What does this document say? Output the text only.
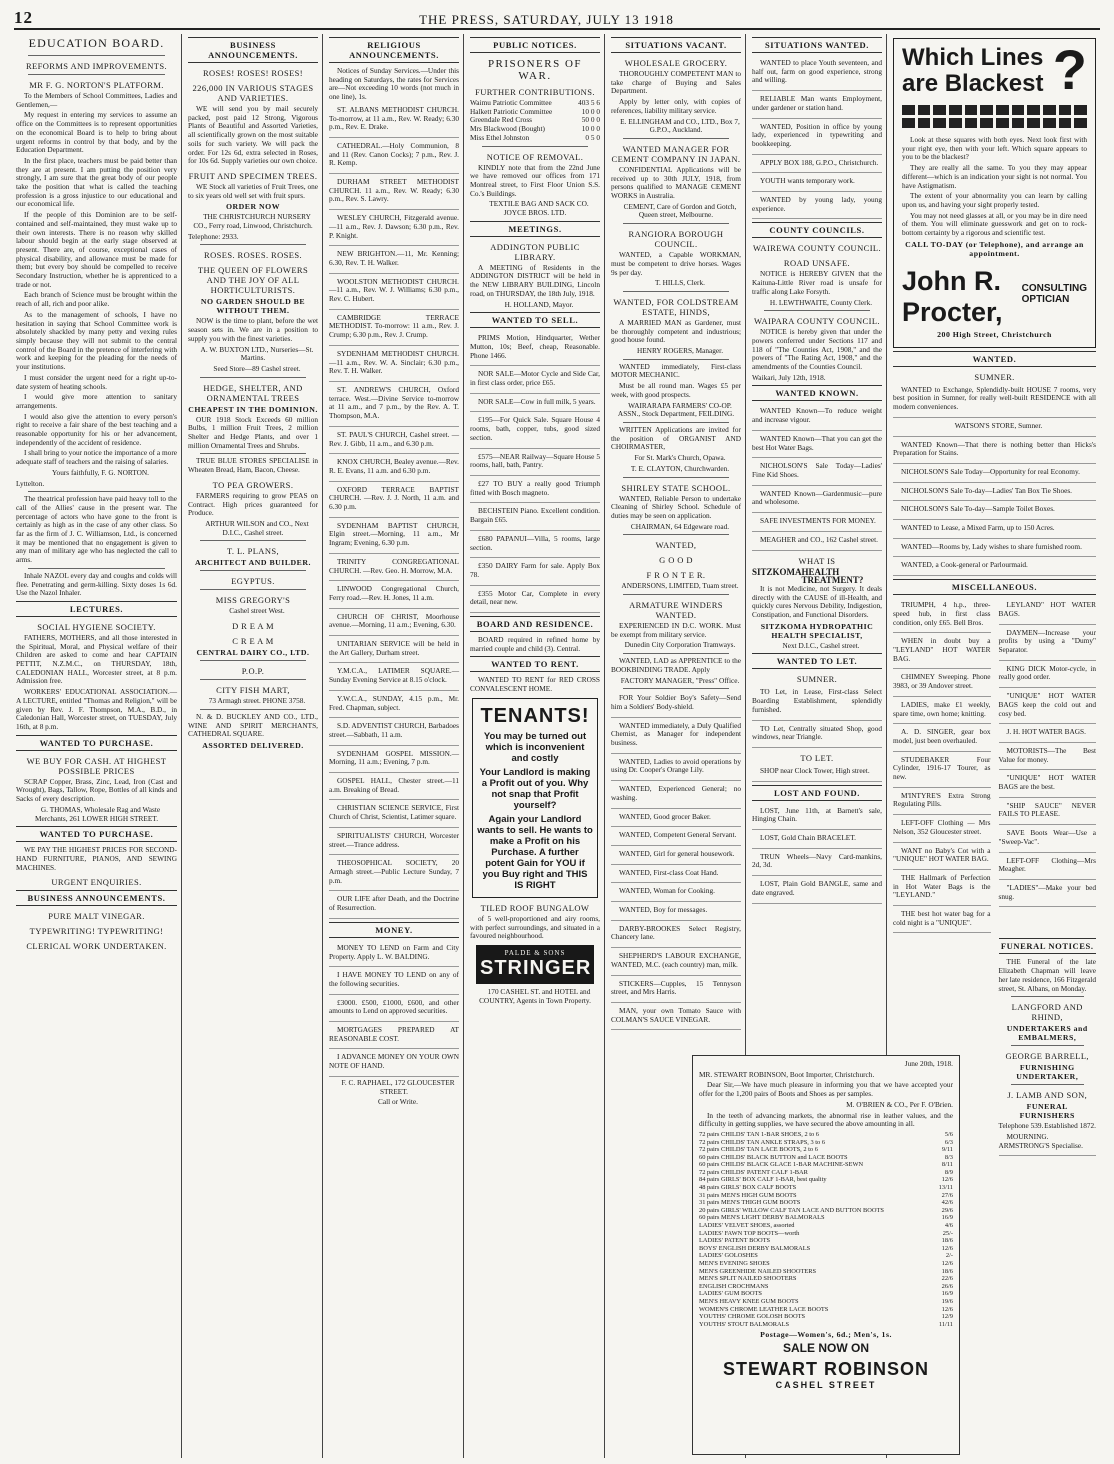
12	THE PRESS, SATURDAY, JULY 13 1918
EDUCATION BOARD.
REFORMS AND IMPROVEMENTS.
MR F. G. NORTON'S PLATFORM.

To the Members of School Committees, Ladies and Gentlemen,—

My request in entering my services to assume an office on the Committees is to represent opportunities on the economical Board is to help to bring about urgent reforms in control by that body, and by the Education Department.

In the first place, teachers must be paid better than they are at present. I am putting the position very strongly, I am sure that the great body of our people take the position that what is called the teaching profession is a gross injustice to our educational and our economical life.

If the people of this Dominion are to be self-contained and self-maintained, they must wake up to their own interests. There is no reason why skilled labour should begin at the early stage observed at present. There are, of course, exceptional cases of physical disability, and allowance must be made for them; but every boy should be compelled to receive Secondary Instruction, whether he is apprenticed to a trade or not.

Each branch of Science must be brought within the reach of all, rich and poor alike.

As to the management of schools, I have no hesitation in saying that School Committee work is absolutely shackled by many petty and vexing rules simply because they will not submit to the central control of the Board in the pretence of interfering with work and keeping for the pleading for the needs of your institutions.

I must consider the urgent need for a right up-to-date system of heating schools.

I would give more attention to sanitary arrangements.

I would also give the attention to every person's right to receive a fair share of the best teaching and a reasonable opportunity for his or her advancement, independently of the accident of residence.

I shall bring to your notice the importance of a more adequate staff of teachers and the raising of salaries.

Yours faithfully, F. G. NORTON.

Lyttelton.

The theatrical profession have paid heavy toll to the call of the Allies' cause in the present war. The percentage of actors who have gone to the front is certainly as high as in the case of any other class. So far as the firm of J. C. Williamson, Ltd., is concerned it may be mentioned that no engagement is given to any man of military age who has neglected the call to arms.

Inhale NAZOL every day and coughs and colds will flee. Penetrating and germ-killing. Sixty doses 1s 6d. Use the Nazol Inhaler.

LECTURES.
SOCIAL HYGIENE SOCIETY.

FATHERS, MOTHERS, and all those interested in the Spiritual, Moral, and Physical welfare of their Children are asked to come and hear CAPTAIN PETTIT, N.Z.M.C., on THURSDAY, 18th, CALEDONIAN HALL, Worcester street, at 8 p.m. Admission free.

WORKERS' EDUCATIONAL ASSOCIATION.—A LECTURE, entitled "Thomas and Religion," will be given by Rev. J. F. Thompson, M.A., B.D., in Caledonian Hall, Worcester street, on TUESDAY, July 16th, at 8 p.m.

WANTED TO PURCHASE.
WE BUY FOR CASH. AT HIGHEST POSSIBLE PRICES

SCRAP Copper, Brass, Zinc, Lead, Iron (Cast and Wrought), Bags, Tallow, Rope, Bottles of all kinds and Sacks of every description.

G. THOMAS, Wholesale Rag and Waste Merchants, 261 LOWER HIGH STREET.

WANTED TO PURCHASE.

WE PAY THE HIGHEST PRICES FOR SECOND-HAND FURNITURE, PIANOS, AND SEWING MACHINES.

URGENT ENQUIRIES.
BUSINESS ANNOUNCEMENTS.
PURE MALT VINEGAR.
TYPEWRITING! TYPEWRITING!
CLERICAL WORK UNDERTAKEN.
BUSINESS ANNOUNCEMENTS.
ROSES! ROSES! ROSES!
226,000 IN VARIOUS STAGES AND VARIETIES.

WE will send you by mail securely packed, post paid 12 Strong, Vigorous Plants of Beautiful and Assorted Varieties, all scientifically grown on the most suitable soils for such variety. We will pack the order. For 12s 6d, extra selected in Roses, for 10s 6d. Supply varieties our own choice.

FRUIT AND SPECIMEN TREES.

WE Stock all varieties of Fruit Trees, one to six years old well set with fruit spurs.

ORDER NOW

THE CHRISTCHURCH NURSERY CO., Ferry road, Linwood, Christchurch.

Telephone: 2933.

ROSES. ROSES. ROSES.
THE QUEEN OF FLOWERS AND THE JOY OF ALL HORTICULTURISTS.
NO GARDEN SHOULD BE WITHOUT THEM.

NOW is the time to plant, before the wet season sets in. We are in a position to supply you with the finest varieties.

A. W. BUXTON LTD., Nurseries—St. Martins.

Seed Store—89 Cashel street.

HEDGE, SHELTER, AND ORNAMENTAL TREES
CHEAPEST IN THE DOMINION.

OUR 1918 Stock Exceeds 60 million Bulbs, 1 million Fruit Trees, 2 million Shelter and Hedge Plants, and over 1 million Ornamental Trees and Shrubs.

TRUE BLUE STORES SPECIALISE in Wheaten Bread, Ham, Bacon, Cheese.

TO PEA GROWERS.

FARMERS requiring to grow PEAS on Contract. High prices guaranteed for Produce.

ARTHUR WILSON and CO., Next D.I.C., Cashel street.

T. L. PLANS,
ARCHITECT AND BUILDER.
EGYPTUS.
MISS GREGORY'S

Cashel street West.

D R E A M
C R E A M
CENTRAL DAIRY CO., LTD.
P.O.P.
CITY FISH MART,

73 Armagh street. PHONE 3758.

N. & D. BUCKLEY AND CO., LTD., WINE AND SPIRIT MERCHANTS, CATHEDRAL SQUARE.

ASSORTED DELIVERED.
RELIGIOUS ANNOUNCEMENTS.

Notices of Sunday Services.—Under this heading on Saturdays, the rates for Services are—Not exceeding 10 words (not much in one line), 1s.

ST. ALBANS METHODIST CHURCH. To-morrow, at 11 a.m., Rev. W. Ready; 6.30 p.m., Rev. E. Drake.

CATHEDRAL.—Holy Communion, 8 and 11 (Rev. Canon Cocks); 7 p.m., Rev. J. R. Kemp.

DURHAM STREET METHODIST CHURCH. 11 a.m., Rev. W. Ready; 6.30 p.m., Rev. S. Lawry.

WESLEY CHURCH, Fitzgerald avenue. —11 a.m., Rev. J. Dawson; 6.30 p.m., Rev. P. Knight.

NEW BRIGHTON.—11, Mr. Kenning; 6.30, Rev. T. H. Walker.

WOOLSTON METHODIST CHURCH.—11 a.m., Rev. W. J. Williams; 6.30 p.m., Rev. C. Hubert.

CAMBRIDGE TERRACE METHODIST. To-morrow: 11 a.m., Rev. J. Crump; 6.30 p.m., Rev. J. Crump.

SYDENHAM METHODIST CHURCH.—11 a.m., Rev. W. A. Sinclair; 6.30 p.m., Rev. T. H. Walker.

ST. ANDREW'S CHURCH, Oxford terrace. West.—Divine Service to-morrow at 11 a.m., and 7 p.m., by the Rev. A. T. Thompson, M.A.

ST. PAUL'S CHURCH, Cashel street. —Rev. J. Gibb, 11 a.m., and 6.30 p.m.

KNOX CHURCH, Bealey avenue.—Rev. R. E. Evans, 11 a.m. and 6.30 p.m.

OXFORD TERRACE BAPTIST CHURCH. —Rev. J. J. North, 11 a.m. and 6.30 p.m.

SYDENHAM BAPTIST CHURCH, Elgin street.—Morning, 11 a.m., Mr Ingram; Evening, 6.30 p.m.

TRINITY CONGREGATIONAL CHURCH. —Rev. Geo. H. Morrow, M.A.

LINWOOD Congregational Church, Ferry road.—Rev. H. Jones, 11 a.m.

CHURCH OF CHRIST, Moorhouse avenue.—Morning, 11 a.m.; Evening, 6.30.

UNITARIAN SERVICE will be held in the Art Gallery, Durham street.

Y.M.C.A., LATIMER SQUARE.—Sunday Evening Service at 8.15 o'clock.

Y.W.C.A., SUNDAY, 4.15 p.m., Mr. Fred. Chapman, subject.

S.D. ADVENTIST CHURCH, Barbadoes street.—Sabbath, 11 a.m.

SYDENHAM GOSPEL MISSION.—Morning, 11 a.m.; Evening, 7 p.m.

GOSPEL HALL, Chester street.—11 a.m. Breaking of Bread.

CHRISTIAN SCIENCE SERVICE, First Church of Christ, Scientist, Latimer square.

SPIRITUALISTS' CHURCH, Worcester street.—Trance address.

THEOSOPHICAL SOCIETY, 20 Armagh street.—Public Lecture Sunday, 7 p.m.

OUR LIFE after Death, and the Doctrine of Resurrection.

MONEY.

MONEY TO LEND on Farm and City Property. Apply L. W. BALDING.

I HAVE MONEY TO LEND on any of the following securities.

£3000. £500, £1000, £600, and other amounts to Lend on approved securities.

MORTGAGES PREPARED AT REASONABLE COST.

I ADVANCE MONEY ON YOUR OWN NOTE OF HAND.

F. C. RAPHAEL, 172 GLOUCESTER STREET.

Call or Write.

PUBLIC NOTICES.
PRISONERS OF WAR.
FURTHER CONTRIBUTIONS.
Waimu Patriotic Committee	403 5 6
Halkett Patriotic Committee	10 0 0
Greendale Red Cross	50 0 0
Mrs Blackwood (Bought)	10 0 0
Miss Ethel Johnston	0 5 0
NOTICE OF REMOVAL.

KINDLY note that from the 22nd June we have removed our offices from 171 Montreal street, to First Floor Union S.S. Co.'s Buildings.

TEXTILE BAG AND SACK CO. JOYCE BROS. LTD.

MEETINGS.
ADDINGTON PUBLIC LIBRARY.

A MEETING of Residents in the ADDINGTON DISTRICT will be held in the NEW LIBRARY BUILDING, Lincoln road, on THURSDAY, the 18th July, 1918.

H. HOLLAND, Mayor.

WANTED TO SELL.

PRIMS Motion, Hindquarter, Wether Mutton, 10s; Beef, cheap, Reasonable. Phone 1466.

NOR SALE—Motor Cycle and Side Car, in first class order, price £65.

NOR SALE—Cow in full milk, 5 years.

£195—For Quick Sale. Square House 4 rooms, bath, copper, tubs, good sized section.

£575—NEAR Railway—Square House 5 rooms, hall, bath, Pantry.

£27 TO BUY a really good Triumph fitted with Bosch magneto.

BECHSTEIN Piano. Excellent condition. Bargain £65.

£680 PAPANUI—Villa, 5 rooms, large section.

£350 DAIRY Farm for sale. Apply Box 78.

£355 Motor Car, Complete in every detail, near new.

BOARD AND RESIDENCE.

BOARD required in refined home by married couple and child (3). Central.

WANTED TO RENT.

WANTED TO RENT for RED CROSS CONVALESCENT HOME.

TENANTS!
You may be turned out which is inconvenient and costly
Your Landlord is making a Profit out of you. Why not snap that Profit yourself?
Again your Landlord wants to sell. He wants to make a Profit on his Purchase. A further potent Gain for YOU if you Buy right and THIS IS RIGHT
TILED ROOF BUNGALOW

of 5 well-proportioned and airy rooms, with perfect surroundings, and situated in a favoured neighbourhood.

PALDE & SONS
STRINGER

170 CASHEL ST. and HOTEL and COUNTRY, Agents in Town Property.

SITUATIONS VACANT.
WHOLESALE GROCERY.

THOROUGHLY COMPETENT MAN to take charge of Buying and Sales Department.

Apply by letter only, with copies of references, liability military service.

E. ELLINGHAM and CO., LTD., Box 7, G.P.O., Auckland.

WANTED MANAGER FOR CEMENT COMPANY IN JAPAN.

CONFIDENTIAL Applications will be received up to 30th JULY, 1918, from persons qualified to MANAGE CEMENT WORKS in Australia.

CEMENT, Care of Gordon and Gotch, Queen street, Melbourne.

RANGIORA BOROUGH COUNCIL.

WANTED, a Capable WORKMAN, must be competent to drive horses. Wages 9s per day.

T. HILLS, Clerk.

WANTED, FOR COLDSTREAM ESTATE, HINDS,

A MARRIED MAN as Gardener, must be thoroughly competent and industrious; good house found.

HENRY ROGERS, Manager.

WANTED immediately, First-class MOTOR MECHANIC.

Must be all round man. Wages £5 per week, with good prospects.

WAIRARAPA FARMERS' CO-OP. ASSN., Stock Department, FEILDING.

WRITTEN Applications are invited for the position of ORGANIST AND CHOIRMASTER,

For St. Mark's Church, Opawa.

T. E. CLAYTON, Churchwarden.

SHIRLEY STATE SCHOOL.

WANTED, Reliable Person to undertake Cleaning of Shirley School. Schedule of duties may be seen on application.

CHAIRMAN, 64 Edgeware road.

WANTED,
G O O D
F R O N T E R.

ANDERSONS, LIMITED, Tuam street.

ARMATURE WINDERS WANTED.

EXPERIENCED IN D.C. WORK. Must be exempt from military service.

Dunedin City Corporation Tramways.

WANTED, LAD as APPRENTICE to the BOOKBINDING TRADE. Apply

FACTORY MANAGER, "Press" Office.

FOR Your Soldier Boy's Safety—Send him a Soldiers' Body-shield.

WANTED immediately, a Duly Qualified Chemist, as Manager for independent business.

WANTED, Ladies to avoid operations by using Dr. Cooper's Orange Lily.

WANTED, Experienced General; no washing.

WANTED, Good grocer Baker.

WANTED, Competent General Servant.

WANTED, Girl for general housework.

WANTED, First-class Coat Hand.

WANTED, Woman for Cooking.

WANTED, Boy for messages.

DARBY-BROOKES Select Registry, Chancery lane.

SHEPHERD'S LABOUR EXCHANGE, WANTED, M.C. (each country) man, milk.

STICKERS—Cupples, 15 Tennyson street, and Mrs Harris.

MAN, your own Tomato Sauce with COLMAN'S SAUCE VINEGAR.

SITUATIONS WANTED.

WANTED to place Youth seventeen, and half out, farm on good experience, strong and willing.

RELIABLE Man wants Employment, under gardener or station hand.

WANTED, Position in office by young lady, experienced in typewriting and bookkeeping.

APPLY BOX 188, G.P.O., Christchurch.

YOUTH wants temporary work.

WANTED by young lady, young experience.

COUNTY COUNCILS.
WAIREWA COUNTY COUNCIL.
ROAD UNSAFE.

NOTICE is HEREBY GIVEN that the Kaituna-Little River road is unsafe for traffic along Lake Forsyth.

H. LEWTHWAITE, County Clerk.

WAIPARA COUNTY COUNCIL.

NOTICE is hereby given that under the powers conferred under Sections 117 and 118 of "The Counties Act, 1908," and the powers of "The Rating Act, 1908," and the amendments of the Counties Council.

Waikari, July 12th, 1918.

WANTED KNOWN.

WANTED Known—To reduce weight and increase vigour.

WANTED Known—That you can get the best Hot Water Bags.

NICHOLSON'S Sale Today—Ladies' Fine Kid Shoes.

WANTED Known—Gardenmusic—pure and wholesome.

SAFE INVESTMENTS FOR MONEY.

MEAGHER and CO., 162 Cashel street.

WHAT IS
SITZKOMA HEALTH TREATMENT?

It is not Medicine, not Surgery. It deals directly with the CAUSE of ill-Health, and quickly cures Nervous Debility, Indigestion, Constipation, and Functional Disorders.

SITZKOMA HYDROPATHIC HEALTH SPECIALIST,

Next D.I.C., Cashel street.

WANTED TO LET.
SUMNER.

TO Let, in Lease, First-class Select Boarding Establishment, splendidly furnished.

TO Let, Centrally situated Shop, good windows, near Triangle.

TO LET.

SHOP near Clock Tower, High street.

LOST AND FOUND.

LOST, June 11th, at Barnett's sale, Hinging Chain.

LOST, Gold Chain BRACELET.

TRUN Wheels—Navy Card-mankins, 2d, 3d.

LOST, Plain Gold BANGLE, same and date engraved.

?
Which Lines
are Blackest

Look at these squares with both eyes. Next look first with your right eye, then with your left. Which square appears to you to be the blackest?

They are really all the same. To you they may appear different—which is an indication your sight is not normal. You have Astigmatism.

The extent of your abnormality you can learn by calling upon us, and having your sight properly tested.

You may not need glasses at all, or you may be in dire need of them. You will eliminate guesswork and get on to rock-bottom certainty by a rigorous and scientific test.

CALL TO-DAY (or Telephone), and arrange an appointment.
John R. Procter,
CONSULTING OPTICIAN
200 High Street, Christchurch
WANTED.
SUMNER.

WANTED to Exchange, Splendidly-built HOUSE 7 rooms, very best position in Sumner, for really well-built RESIDENCE with all modern conveniences.

WATSON'S STORE, Sumner.

WANTED Known—That there is nothing better than Hicks's Preparation for Stains.

NICHOLSON'S Sale Today—Opportunity for real Economy.

NICHOLSON'S Sale To-day—Ladies' Tan Box Tie Shoes.

NICHOLSON'S Sale To-day—Sample Toilet Boxes.

WANTED to Lease, a Mixed Farm, up to 150 Acres.

WANTED—Rooms by, Lady wishes to share furnished room.

WANTED, a Cook-general or Parlourmaid.

MISCELLANEOUS.

TRIUMPH, 4 h.p., three-speed hub, in first class condition, only £65. Bell Bros.

WHEN in doubt buy a "LEYLAND" HOT WATER BAG.

CHIMNEY Sweeping. Phone 3983, or 39 Andover street.

LADIES, make £1 weekly, spare time, own home; knitting.

A. D. SINGER, gear box model, just been overhauled.

STUDEBAKER Four Cylinder, 1916-17 Tourer, as new.

M'INTYRE'S Extra Strong Regulating Pills.

LEFT-OFF Clothing — Mrs Nelson, 352 Gloucester street.

WANT no Baby's Cot with a "UNIQUE" HOT WATER BAG.

THE Hallmark of Perfection in Hot Water Bags is the "LEYLAND."

THE best hot water bag for a cold night is a "UNIQUE".

LEYLAND" HOT WATER BAGS.

DAYMEN—Increase your profits by using a "Dumy" Separator.

KING DICK Motor-cycle, in really good order.

"UNIQUE" HOT WATER BAGS keep the cold out and cosy bed.

J. H. HOT WATER BAGS.

MOTORISTS—The Best Value for money.

"UNIQUE" HOT WATER BAGS are the best.

"SHIP SAUCE" NEVER FAILS TO PLEASE.

SAVE Boots Wear—Use a "Sweep-Vac".

LEFT-OFF Clothing—Mrs Meagher.

"LADIES"—Make your bed snug.

FUNERAL NOTICES.

THE Funeral of the late Elizabeth Chapman will leave her late residence, 166 Fitzgerald street, St. Albans, on Monday.

LANGFORD AND RHIND,
UNDERTAKERS and EMBALMERS,
GEORGE BARRELL,
FURNISHING UNDERTAKER,
J. LAMB AND SON,
FUNERAL FURNISHERS
Telephone 539. Established 1872.

MOURNING. ARMSTRONG'S Specialise.

June 20th, 1918.

MR. STEWART ROBINSON, Boot Importer, Christchurch.

Dear Sir,—We have much pleasure in informing you that we have accepted your offer for the 1,200 pairs of Boots and Shoes as per samples.

M. O'BRIEN & CO., Per F. O'Brien.

In the teeth of advancing markets, the abnormal rise in leather values, and the difficulty in getting supplies, we have secured the above amounting in all.

72 pairs CHILDS' TAN 1-BAR SHOES, 2 to 6	5/6
72 pairs CHILDS' TAN ANKLE STRAPS, 3 to 6	6/3
72 pairs CHILDS' TAN LACE BOOTS, 2 to 6	9/11
60 pairs CHILDS' BLACK BUTTON and LACE BOOTS	8/3
60 pairs CHILDS' BLACK GLACE 1-BAR MACHINE-SEWN	8/11
72 pairs CHILDS' PATENT CALF 1-BAR	8/9
84 pairs GIRLS' BOX CALF 1-BAR, best quality	12/6
48 pairs GIRLS' BOX CALF BOOTS	13/11
31 pairs MEN'S HIGH GUM BOOTS	27/6
31 pairs MEN'S THIGH GUM BOOTS	42/6
20 pairs GIRLS' WILLOW CALF TAN LACE AND BUTTON BOOTS	29/6
60 pairs MEN'S LIGHT DERBY BALMORALS	16/9
LADIES' VELVET SHOES, assorted	4/6
LADIES' FAWN TOP BOOTS—worth	25/-
LADIES' PATENT BOOTS	18/6
BOYS' ENGLISH DERBY BALMORALS	12/6
LADIES' GOLOSHES	2/-
MEN'S EVENING SHOES	12/6
MEN'S GREENHIDE NAILED SHOOTERS	18/6
MEN'S SPLIT NAILED SHOOTERS	22/6
ENGLISH CROCHMANS	26/6
LADIES' GUM BOOTS	16/9
MEN'S HEAVY KNEE GUM BOOTS	19/6
WOMEN'S CHROME LEATHER LACE BOOTS	12/6
YOUTHS' CHROME GOLOSH BOOTS	12/9
YOUTHS' STOUT BALMORALS	11/11
Postage—Women's, 6d.; Men's, 1s.
SALE NOW ON
STEWART ROBINSON
CASHEL STREET
